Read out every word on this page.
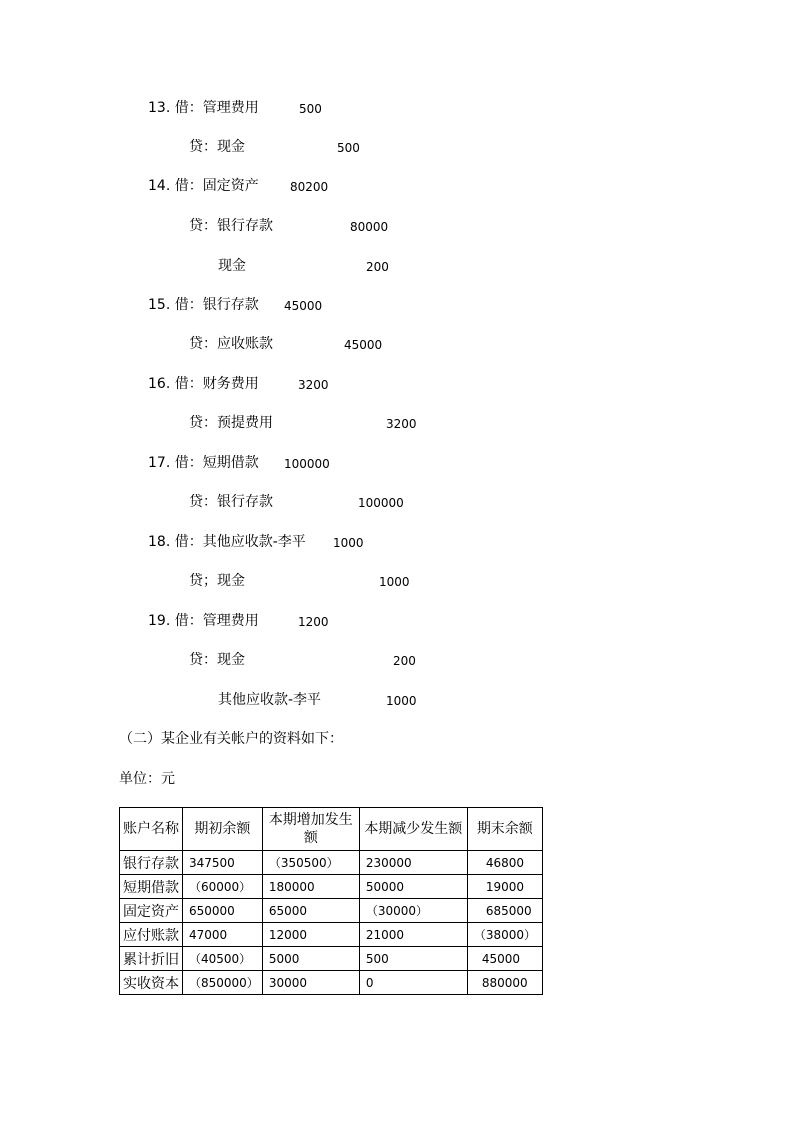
13. 借：管理费用	500
贷：现金	500
14. 借：固定资产	80200
贷：银行存款	80000
现金	200
15. 借：银行存款 45000
贷：应收账款	45000
16. 借：财务费用	3200
贷：预提费用	3200
17. 借：短期借款 100000
贷：银行存款	100000
18. 借：其他应收款-李平 1000
贷；现金	1000
19. 借：管理费用	1200
贷：现金	200
其他应收款-李平	1000
（二）某企业有关帐户的资料如下：
单位：元
账户名称	期初余额	本期增加发生额	本期减少发生额	期末余额
银行存款	347500	（350500）	230000	46800
短期借款	（60000）	180000	50000	19000
固定资产	650000	65000	（30000）	685000
应付账款	47000	12000	21000	（38000）
累计折旧	（40500）	5000	500	45000
实收资本	（850000）	30000	0	880000
